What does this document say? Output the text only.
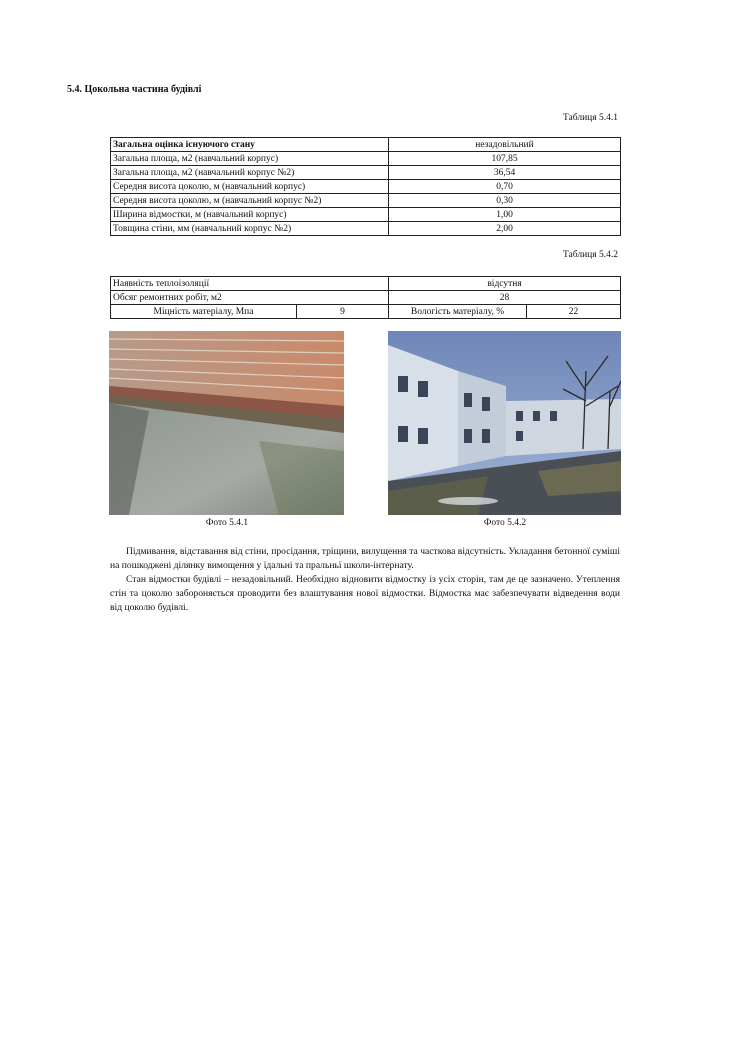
5.4. Цокольна частина будівлі
Таблиця 5.4.1
Загальна оцінка існуючого стану	незадовільний
Загальна площа, м2 (навчальний корпус)	107,85
Загальна площа, м2 (навчальний корпус №2)	36,54
Середня висота цоколю, м (навчальний корпус)	0,70
Середня висота цоколю, м (навчальний корпус №2)	0,30
Ширина відмостки, м (навчальний корпус)	1,00
Товщина стіни, мм (навчальний корпус №2)	2,00
Таблиця 5.4.2
Наявність теплоізоляції		відсутня	
Обсяг ремонтних робіт, м2		28	
Міцність матеріалу, Мпа	9	Вологість матеріалу, %	22
Фото 5.4.1	Фото 5.4.2

Підмивання, відставання від стіни, просідання, тріщини, вилущення та часткова відсутність. Укладання бетонної суміші на пошкоджені ділянку вимощення у їдальні та пральньї школи-інтернату.

Стан відмостки будівлі – незадовільний. Необхідно відновити відмостку із усіх сторін, там де це зазначено. Утеплення стін та цоколю забороняється проводити без влаштування нової відмостки. Відмостка має забезпечувати відведення води від цоколю будівлі.
